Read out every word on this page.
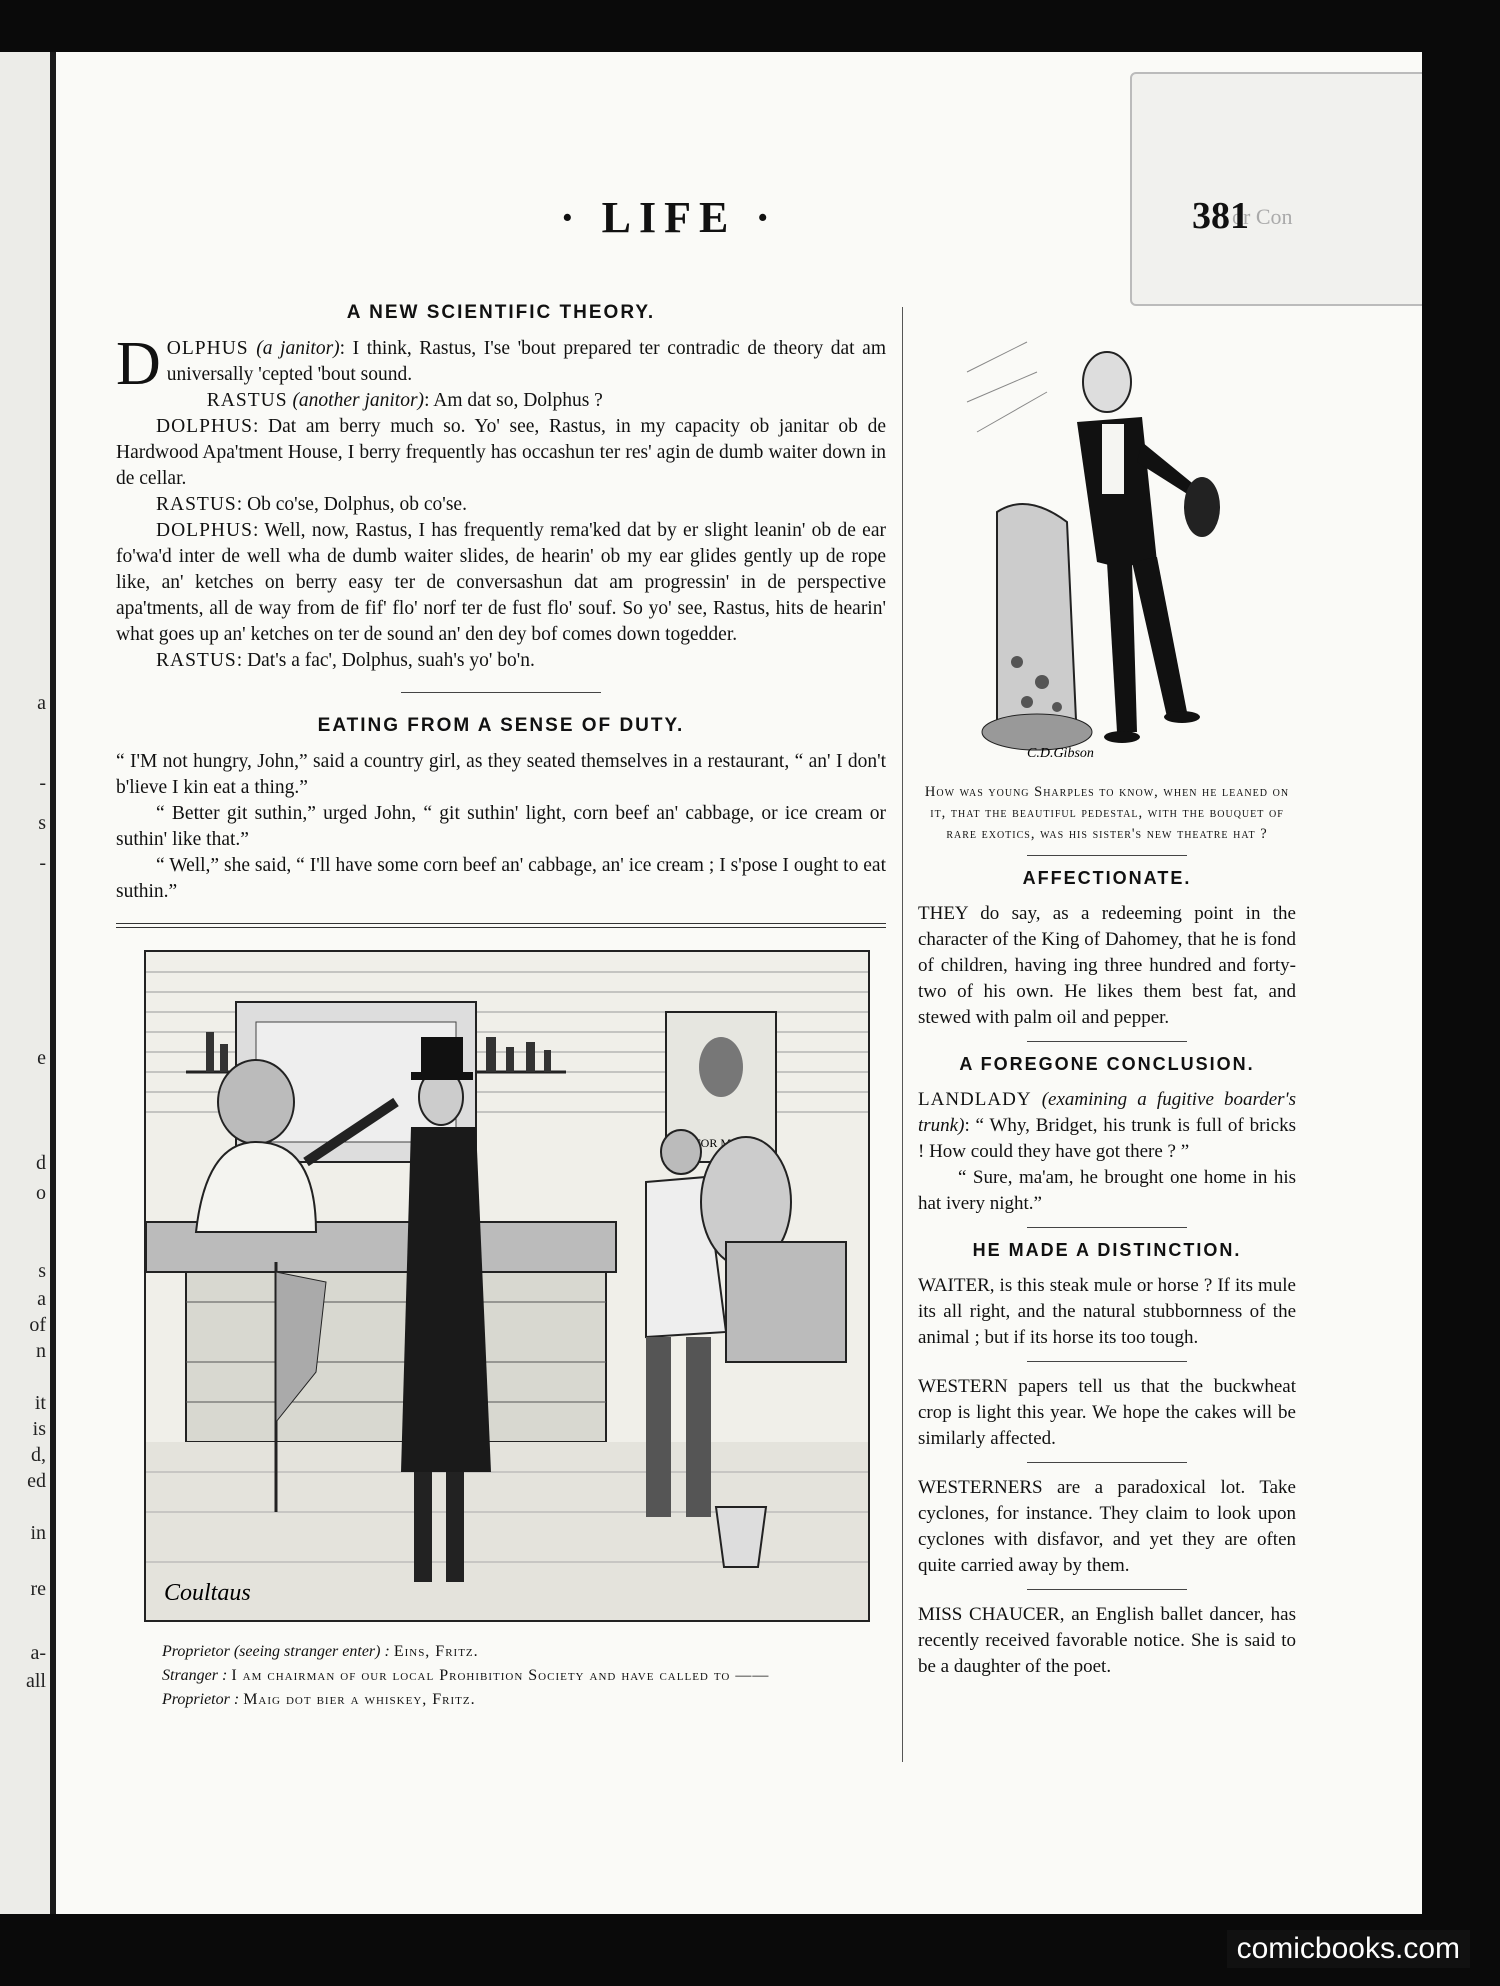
a
-
s
-
e
d
o
s
a
of
n
it
is
d,
ed
in
re
a-
all
or Con
· LIFE ·	381
A NEW SCIENTIFIC THEORY.

DOLPHUS (a janitor): I think, Rastus, I'se 'bout prepared ter contradic de theory dat am universally 'cepted 'bout sound.

RASTUS (another janitor): Am dat so, Dolphus ?

DOLPHUS: Dat am berry much so. Yo' see, Rastus, in my capacity ob janitar ob de Hardwood Apa'tment House, I berry frequently has occashun ter res' agin de dumb waiter down in de cellar.

RASTUS: Ob co'se, Dolphus, ob co'se.

DOLPHUS: Well, now, Rastus, I has frequently rema'ked dat by er slight leanin' ob de ear fo'wa'd inter de well wha de dumb waiter slides, de hearin' ob my ear glides gently up de rope like, an' ketches on berry easy ter de conversashun dat am progressin' in de perspective apa'tments, all de way from de fif' flo' norf ter de fust flo' souf. So yo' see, Rastus, hits de hearin' what goes up an' ketches on ter de sound an' den dey bof comes down togedder.

RASTUS: Dat's a fac', Dolphus, suah's yo' bo'n.

EATING FROM A SENSE OF DUTY.

“ I'M not hungry, John,” said a country girl, as they seated themselves in a restaurant, “ an' I don't b'lieve I kin eat a thing.”

“ Better git suthin,” urged John, “ git suthin' light, corn beef an' cabbage, or ice cream or suthin' like that.”

“ Well,” she said, “ I'll have some corn beef an' cabbage, an' ice cream ; I s'pose I ought to eat suthin.”

FOR
Coultaus
Proprietor (seeing stranger enter) : Eins, Fritz.
Stranger : I am chairman of our local Prohibition Society and have called to ——
Proprietor : Maig dot bier a whiskey, Fritz.
C.D.Gibson
How was young Sharples to know, when he leaned on it, that the beautiful pedestal, with the bouquet of rare exotics, was his sister's new theatre hat ?
AFFECTIONATE.

THEY do say, as a redeeming point in the character of the King of Dahomey, that he is fond of children, having ing three hundred and forty-two of his own. He likes them best fat, and stewed with palm oil and pepper.

A FOREGONE CONCLUSION.

LANDLADY (examining a fugitive boarder's trunk): “ Why, Bridget, his trunk is full of bricks ! How could they have got there ? ”

“ Sure, ma'am, he brought one home in his hat ivery night.”

HE MADE A DISTINCTION.

WAITER, is this steak mule or horse ? If its mule its all right, and the natural stubbornness of the animal ; but if its horse its too tough.

WESTERN papers tell us that the buckwheat crop is light this year. We hope the cakes will be similarly affected.

WESTERNERS are a paradoxical lot. Take cyclones, for instance. They claim to look upon cyclones with disfavor, and yet they are often quite carried away by them.

MISS CHAUCER, an English ballet dancer, has recently received favorable notice. She is said to be a daughter of the poet.

comicbooks.com
